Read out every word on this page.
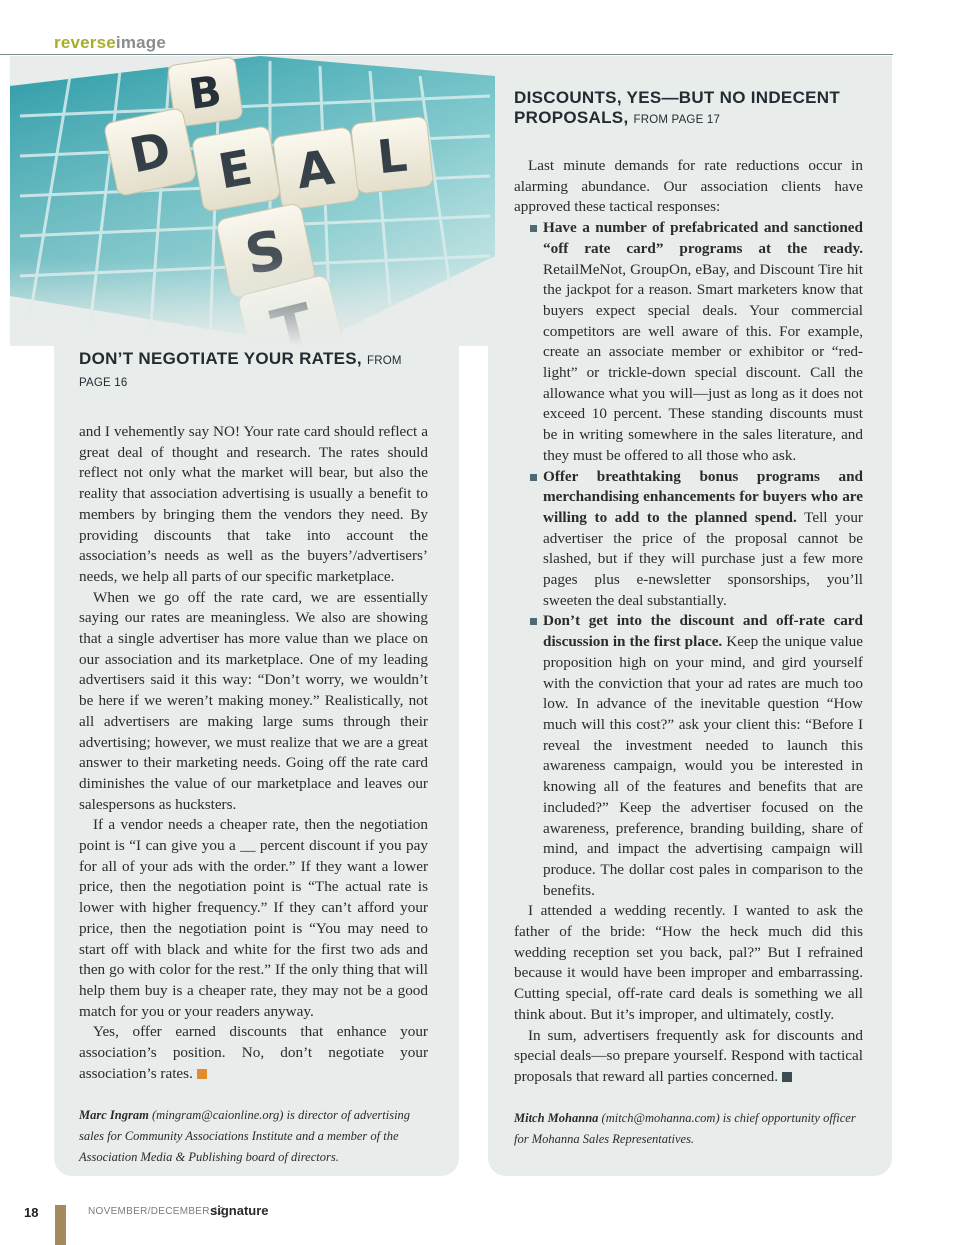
reverseimage
DON’T NEGOTIATE YOUR RATES, FROM PAGE 16

and I vehemently say NO! Your rate card should reflect a great deal of thought and research. The rates should reflect not only what the market will bear, but also the reality that association advertising is usually a benefit to members by bringing them the vendors they need. By providing discounts that take into account the association’s needs as well as the buyers’/advertisers’ needs, we help all parts of our specific marketplace.

When we go off the rate card, we are essentially saying our rates are meaningless. We also are showing that a single advertiser has more value than we place on our association and its marketplace. One of my leading advertisers said it this way: “Don’t worry, we wouldn’t be here if we weren’t making money.” Realistically, not all advertisers are making large sums through their advertising; however, we must realize that we are a great answer to their marketing needs. Going off the rate card diminishes the value of our marketplace and leaves our salespersons as hucksters.

If a vendor needs a cheaper rate, then the negotiation point is “I can give you a __ percent discount if you pay for all of your ads with the order.” If they want a lower price, then the negotiation point is “The actual rate is lower with higher frequency.” If they can’t afford your price, then the negotiation point is “You may need to start off with black and white for the first two ads and then go with color for the rest.” If the only thing that will help them buy is a cheaper rate, they may not be a good match for you or your readers anyway.

Yes, offer earned discounts that enhance your association’s position. No, don’t negotiate your association’s rates.

Marc Ingram (mingram@caionline.org) is director of advertising sales for Community Associations Institute and a member of the Association Media & Publishing board of directors.

DISCOUNTS, YES—BUT NO INDECENT PROPOSALS, FROM PAGE 17

Last minute demands for rate reductions occur in alarming abundance. Our association clients have approved these tactical responses:

Have a number of prefabricated and sanctioned “off rate card” programs at the ready. RetailMeNot, GroupOn, eBay, and Discount Tire hit the jackpot for a reason. Smart marketers know that buyers expect special deals. Your commercial competitors are well aware of this. For example, create an associate member or exhibitor or “red-light” or trickle-down special discount. Call the allowance what you will—just as long as it does not exceed 10 percent. These standing discounts must be in writing somewhere in the sales literature, and they must be offered to all those who ask.
Offer breathtaking bonus programs and merchandising enhancements for buyers who are willing to add to the planned spend. Tell your advertiser the price of the proposal cannot be slashed, but if they will purchase just a few more pages plus e-newsletter sponsorships, you’ll sweeten the deal substantially.
Don’t get into the discount and off-rate card discussion in the first place. Keep the unique value proposition high on your mind, and gird yourself with the conviction that your ad rates are much too low. In advance of the inevitable question “How much will this cost?” ask your client this: “Before I reveal the investment needed to launch this awareness campaign, would you be interested in knowing all of the features and benefits that are included?” Keep the advertiser focused on the awareness, preference, branding building, share of mind, and impact the advertising campaign will produce. The dollar cost pales in comparison to the benefits.

I attended a wedding recently. I wanted to ask the father of the bride: “How the heck much did this wedding reception set you back, pal?” But I refrained because it would have been improper and embarrassing. Cutting special, off-rate card deals is something we all think about. But it’s improper, and ultimately, costly.

In sum, advertisers frequently ask for discounts and special deals—so prepare yourself. Respond with tactical proposals that reward all parties concerned.

Mitch Mohanna (mitch@mohanna.com) is chief opportunity officer for Mohanna Sales Representatives.

18	NOVEMBER/DECEMBER 12
signature
